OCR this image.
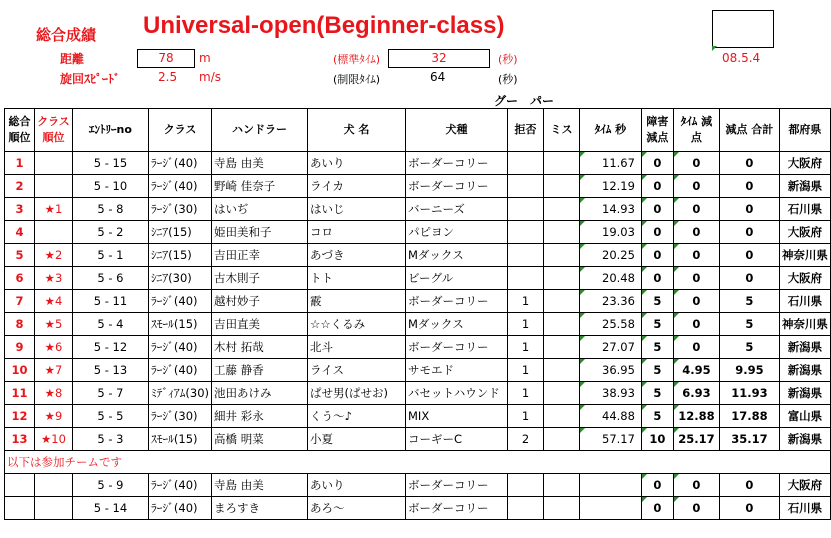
総合成績 Universal-open(Beginner-class)
距離	78	m
旋回ｽﾋﾟｰﾄﾞ	2.5 m/s
(標準ﾀｲﾑ)	32	(秒)
(制限ﾀｲﾑ)	64	(秒)
08.5.4
グー　パー
総合
順位	クラス
順位	ｴﾝﾄﾘｰno	クラス	ハンドラー	犬 名	犬種	拒否	ミス	ﾀｲﾑ 秒	障害
減点	ﾀｲﾑ 減
点	減点 合計	都府県
1		5 - 15	ﾗｰｼﾞ(40)	寺島 由美	あいり	ボーダーコリー			11.67	0	0	0	大阪府
2		5 - 10	ﾗｰｼﾞ(40)	野崎 佳奈子	ライカ	ボーダーコリー			12.19	0	0	0	新潟県
3	★1	5 - 8	ﾗｰｼﾞ(30)	はいぢ	はいじ	バーニーズ			14.93	0	0	0	石川県
4		5 - 2	ｼﾆｱ(15)	姫田美和子	コロ	パピヨン			19.03	0	0	0	大阪府
5	★2	5 - 1	ｼﾆｱ(15)	吉田正幸	あづき	Mダックス			20.25	0	0	0	神奈川県
6	★3	5 - 6	ｼﾆｱ(30)	古木則子	トト	ビーグル			20.48	0	0	0	大阪府
7	★4	5 - 11	ﾗｰｼﾞ(40)	越村妙子	霰	ボーダーコリー	1		23.36	5	0	5	石川県
8	★5	5 - 4	ｽﾓｰﾙ(15)	吉田直美	☆☆くるみ	Mダックス	1		25.58	5	0	5	神奈川県
9	★6	5 - 12	ﾗｰｼﾞ(40)	木村 拓哉	北斗	ボーダーコリー	1		27.07	5	0	5	新潟県
10	★7	5 - 13	ﾗｰｼﾞ(40)	工藤 静香	ライス	サモエド	1		36.95	5	4.95	9.95	新潟県
11	★8	5 - 7	ﾐﾃﾞｨｱﾑ(30)	池田あけみ	ぱせ男(ぱせお)	バセットハウンド	1		38.93	5	6.93	11.93	新潟県
12	★9	5 - 5	ﾗｰｼﾞ(30)	細井 彩永	くう～♪	MIX	1		44.88	5	12.88	17.88	富山県
13	★10	5 - 3	ｽﾓｰﾙ(15)	高橋 明菜	小夏	コーギーC	2		57.17	10	25.17	35.17	新潟県
以下は参加チームです													
		5 - 9	ﾗｰｼﾞ(40)	寺島 由美	あいり	ボーダーコリー				0	0	0	大阪府
		5 - 14	ﾗｰｼﾞ(40)	まろすき	あろ～	ボーダーコリー				0	0	0	石川県
